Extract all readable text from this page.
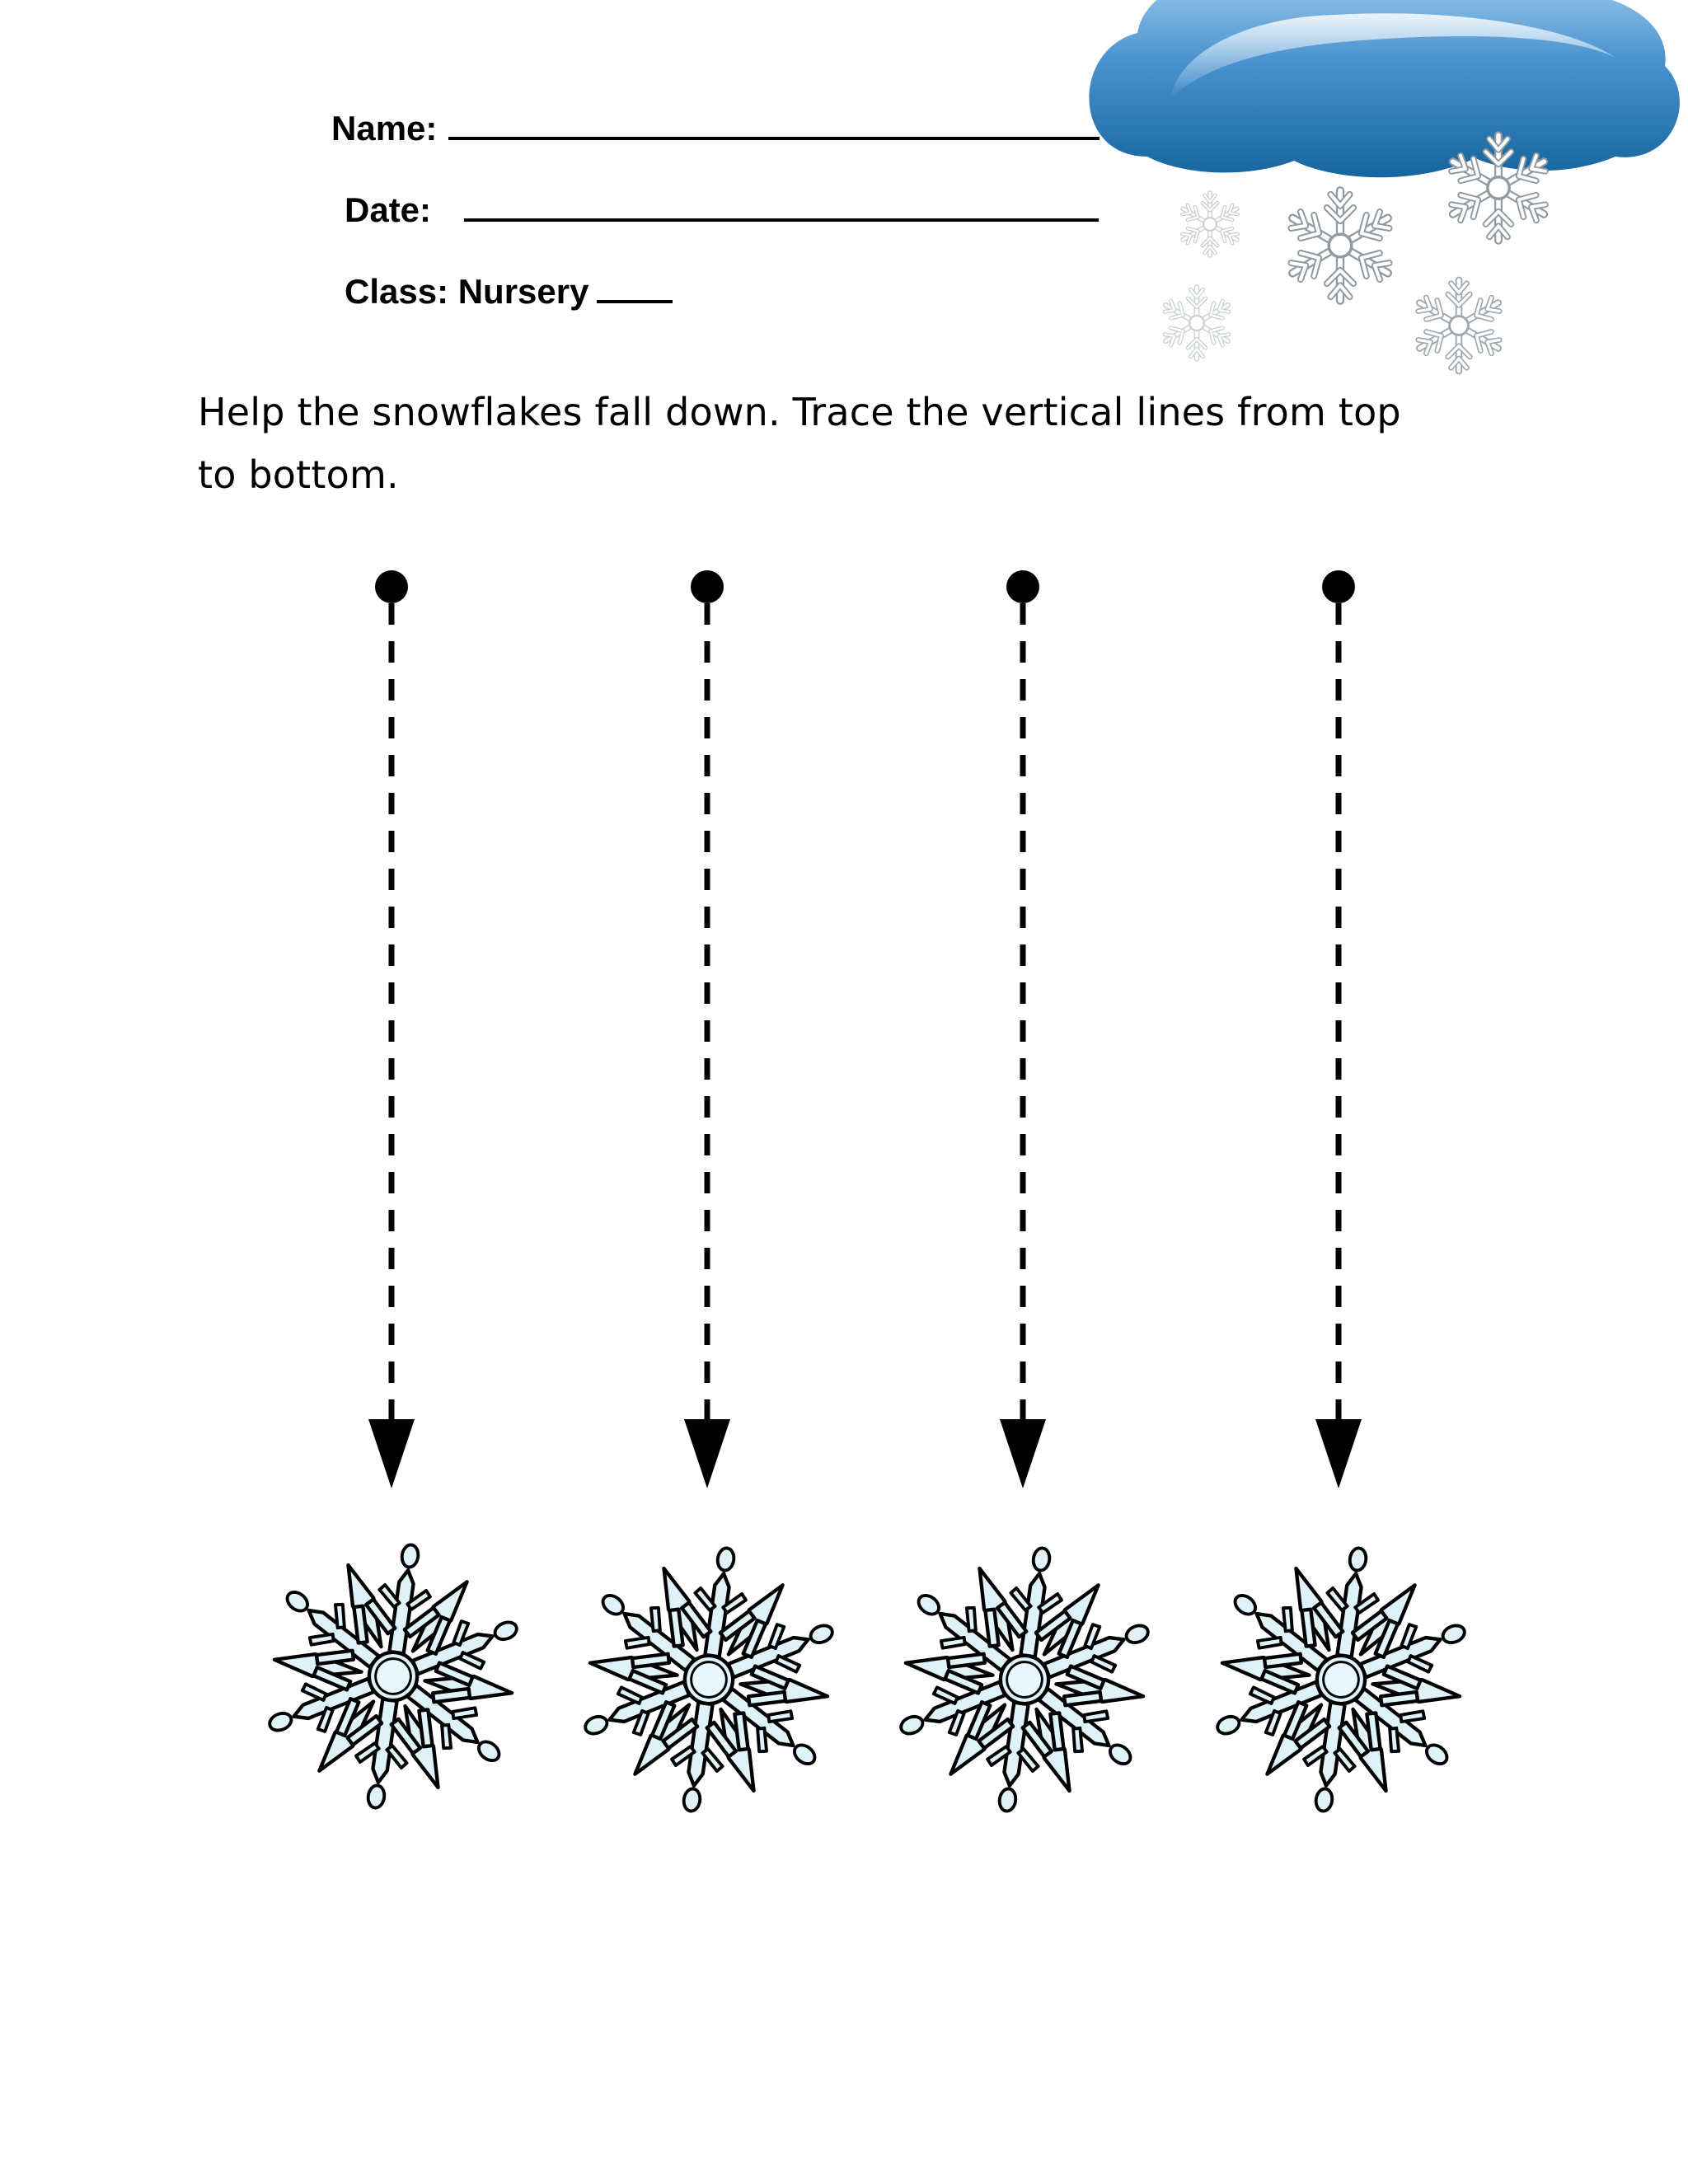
Name:
Date:
Class: Nursery
Help the snowflakes fall down. Trace the vertical lines from top to bottom.
